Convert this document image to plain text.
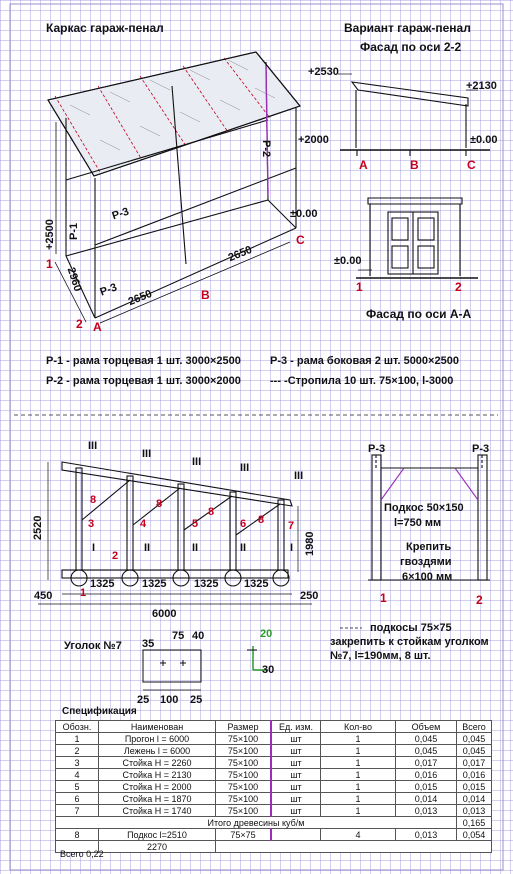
Каркас гараж-пенал	Вариант гараж-пенал
Фасад по оси 2-2
+2530
+2130
±0.00
А	В	С
±0.00
1	2
Фасад по оси А-А
Р-1
Р-2
Р-3
Р-3
+2500
+2000
±0.00
2960
2650
2650
А
В
С
1
2
Р-1 - рама торцевая 1 шт. 3000×2500
Р-2 - рама торцевая 1 шт. 3000×2000
Р-3 - рама боковая 2 шт. 5000×2500
--- -Стропила 10 шт. 75×100, l-3000
III
III
III	III
III
2520
1980
8	8
8
8
3	4	5	6	7
2
1
I	II	II	II	I
1325	1325	1325 1325
450	250
6000
Р-3	Р-3
Подкос 50×150
l=750 мм
Крепить
гвоздями
6×100 мм
1	2
подкосы 75×75
закрепить к стойкам уголком
№7, l=190мм, 8 шт.
Уголок №7 35
75 40
25 100 25
20
30
Спецификация
Обозн.	Наименован	Размер	Ед. изм.	Кол-во	Объем	Всего
1	Прогон l = 6000	75×100	шт	1	0,045	0,045
2	Лежень l = 6000	75×100	шт	1	0,045	0,045
3	Стойка Н = 2260	75×100	шт	1	0,017	0,017
4	Стойка Н = 2130	75×100	шт	1	0,016	0,016
5	Стойка Н = 2000	75×100	шт	1	0,015	0,015
6	Стойка Н = 1870	75×100	шт	1	0,014	0,014
7	Стойка Н = 1740	75×100	шт	1	0,013	0,013
Итого древесины куб/м						0,165
8	Подкос l=2510	75×75		4	0,013	0,054
	2270					
Всего 0,22
